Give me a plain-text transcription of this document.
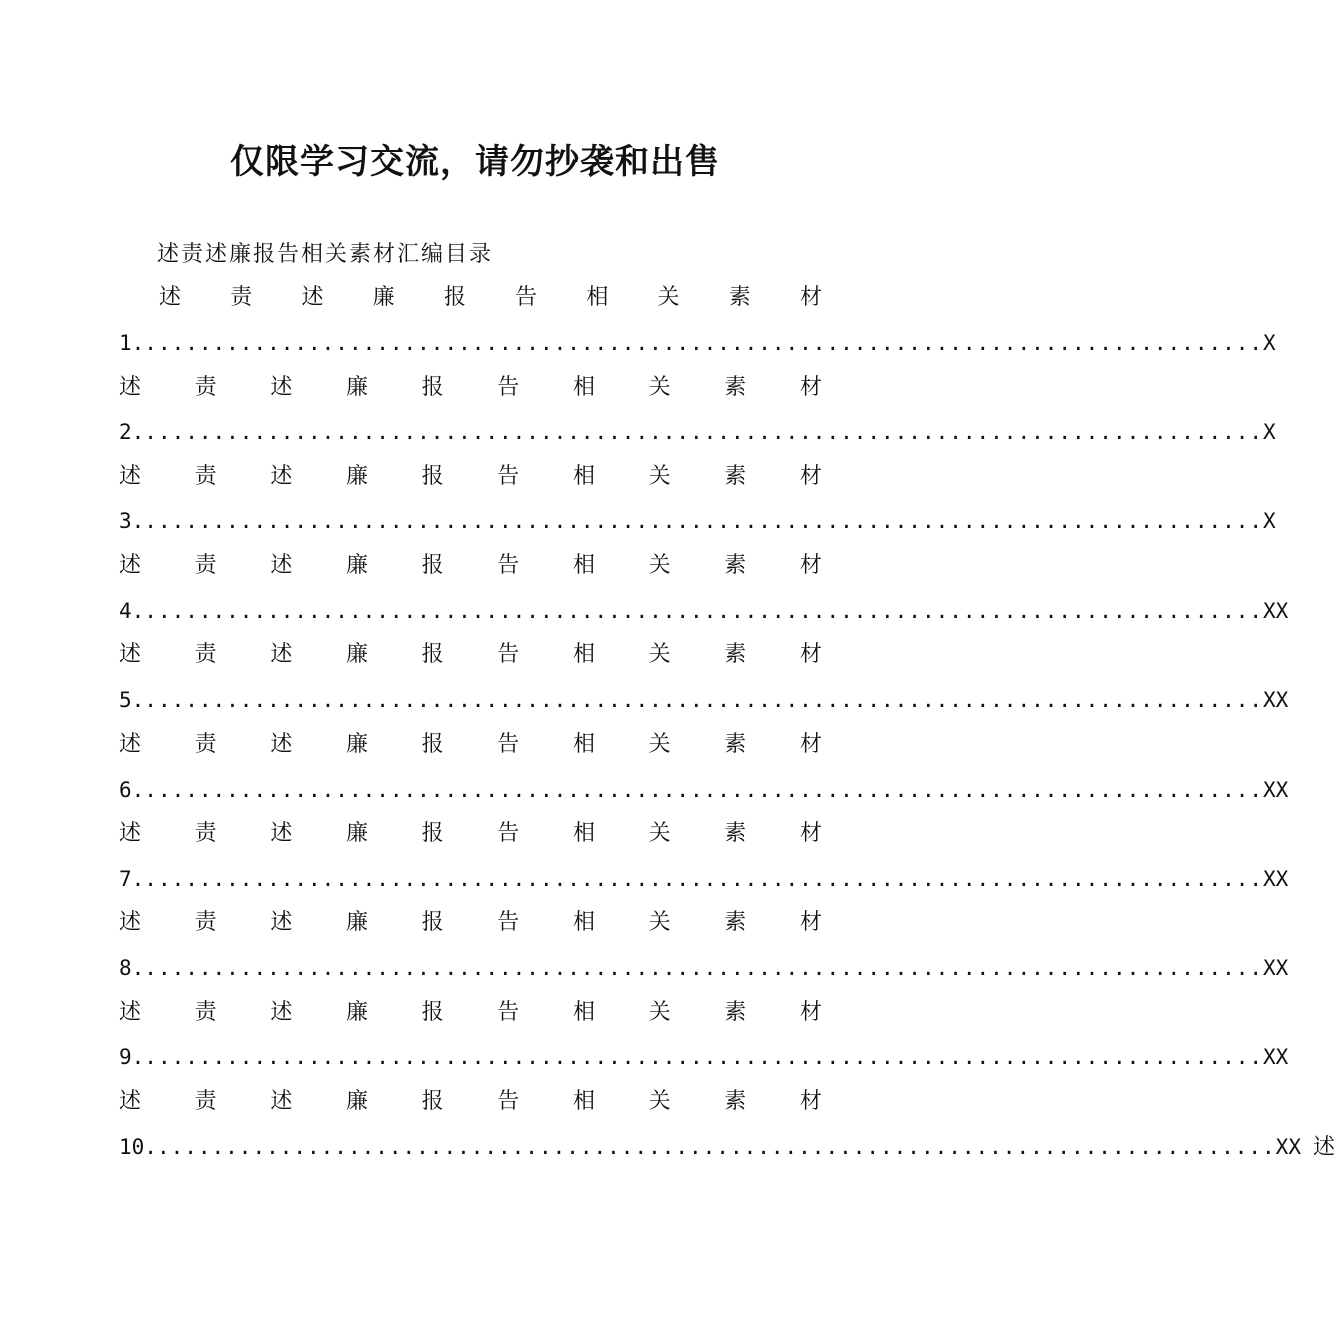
仅限学习交流，请勿抄袭和出售
述责述廉报告相关素材汇编目录
述 责 述 廉 报 告 相 关 素 材
1. .................................................................................. X
述 责 述 廉 报 告 相 关 素 材
2. .................................................................................. X
述 责 述 廉 报 告 相 关 素 材
3. .................................................................................. X
述 责 述 廉 报 告 相 关 素 材
4. .................................................................................. XX
述 责 述 廉 报 告 相 关 素 材
5. .................................................................................. XX
述 责 述 廉 报 告 相 关 素 材
6. .................................................................................. XX
述 责 述 廉 报 告 相 关 素 材
7. .................................................................................. XX
述 责 述 廉 报 告 相 关 素 材
8. .................................................................................. XX
述 责 述 廉 报 告 相 关 素 材
9. .................................................................................. XX
述 责 述 廉 报 告 相 关 素 材
10. .................................................................................. XX 述
